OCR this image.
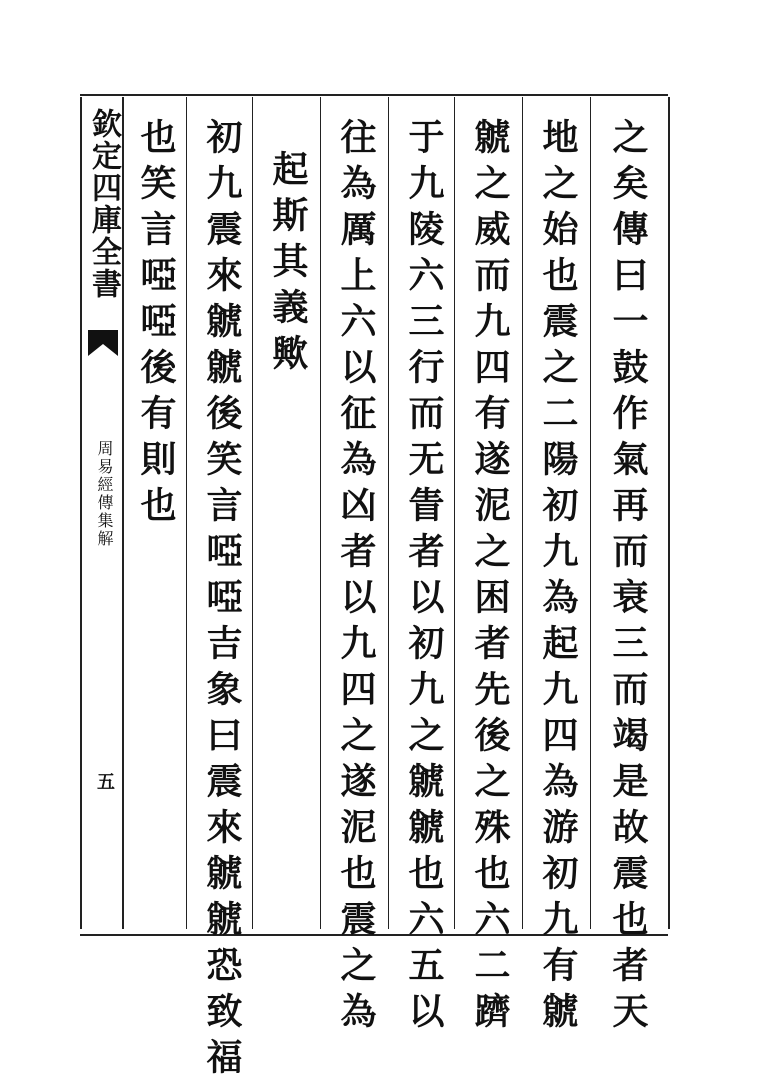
欽定四庫全書
周易經傳集解
五	之矣傳曰一鼓作氣再而衰三而竭是故震也者天
地之始也震之二陽初九為起九四為游初九有虩
虩之威而九四有遂泥之困者先後之殊也六二躋
于九陵六三行而无眚者以初九之虩虩也六五以
往為厲上六以征為凶者以九四之遂泥也震之為
起斯其義歟
初九震來虩虩後笑言啞啞吉象曰震來虩虩恐致福
也笑言啞啞後有則也
